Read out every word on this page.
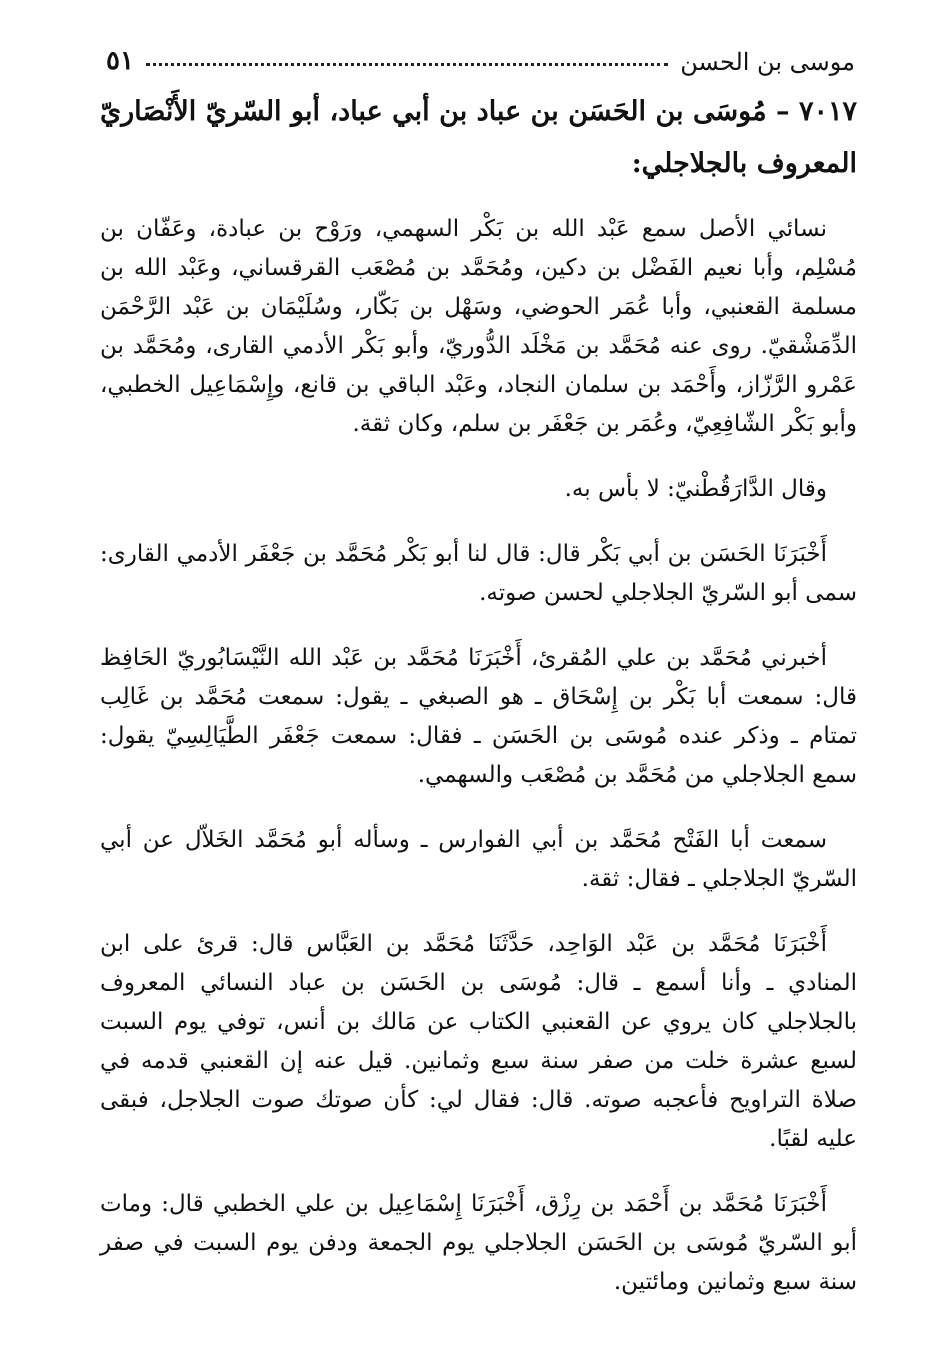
موسى بن الحسن
٥١
٧٠١٧ – مُوسَى بن الحَسَن بن عباد بن أبي عباد، أبو السّريّ الأَنْصَاريّ المعروف بالجلاجلي:

نسائي الأصل سمع عَبْد الله بن بَكْر السهمي، ورَوْح بن عبادة، وعَفّان بن مُسْلِم، وأبا نعيم الفَضْل بن دكين، ومُحَمَّد بن مُصْعَب القرقساني، وعَبْد الله بن مسلمة القعنبي، وأبا عُمَر الحوضي، وسَهْل بن بَكّار، وسُلَيْمَان بن عَبْد الرَّحْمَن الدِّمَشْقيّ. روى عنه مُحَمَّد بن مَخْلَد الدُّوريّ، وأبو بَكْر الأدمي القارى، ومُحَمَّد بن عَمْرو الرَّزّاز، وأَحْمَد بن سلمان النجاد، وعَبْد الباقي بن قانع، وإِسْمَاعِيل الخطبي، وأبو بَكْر الشّافِعِيّ، وعُمَر بن جَعْفَر بن سلم، وكان ثقة.

وقال الدَّارَقُطْنيّ: لا بأس به.

أَخْبَرَنَا الحَسَن بن أبي بَكْر قال: قال لنا أبو بَكْر مُحَمَّد بن جَعْفَر الأدمي القارى: سمى أبو السّريّ الجلاجلي لحسن صوته.

أخبرني مُحَمَّد بن علي المُقرئ، أَخْبَرَنَا مُحَمَّد بن عَبْد الله النَّيْسَابُوريّ الحَافِظ قال: سمعت أبا بَكْر بن إِسْحَاق ـ هو الصبغي ـ يقول: سمعت مُحَمَّد بن غَالِب تمتام ـ وذكر عنده مُوسَى بن الحَسَن ـ فقال: سمعت جَعْفَر الطَّيَالِسِيّ يقول: سمع الجلاجلي من مُحَمَّد بن مُصْعَب والسهمي.

سمعت أبا الفَتْح مُحَمَّد بن أبي الفوارس ـ وسأله أبو مُحَمَّد الخَلاّل عن أبي السّريّ الجلاجلي ـ فقال: ثقة.

أَخْبَرَنَا مُحَمَّد بن عَبْد الوَاحِد، حَدَّثَنَا مُحَمَّد بن العَبَّاس قال: قرئ على ابن المنادي ـ وأنا أسمع ـ قال: مُوسَى بن الحَسَن بن عباد النسائي المعروف بالجلاجلي كان يروي عن القعنبي الكتاب عن مَالك بن أنس، توفي يوم السبت لسبع عشرة خلت من صفر سنة سبع وثمانين. قيل عنه إن القعنبي قدمه في صلاة التراويح فأعجبه صوته. قال: فقال لي: كأن صوتك صوت الجلاجل، فبقى عليه لقبًا.

أَخْبَرَنَا مُحَمَّد بن أَحْمَد بن رِزْق، أَخْبَرَنَا إِسْمَاعِيل بن علي الخطبي قال: ومات أبو السّريّ مُوسَى بن الحَسَن الجلاجلي يوم الجمعة ودفن يوم السبت في صفر سنة سبع وثمانين ومائتين.
